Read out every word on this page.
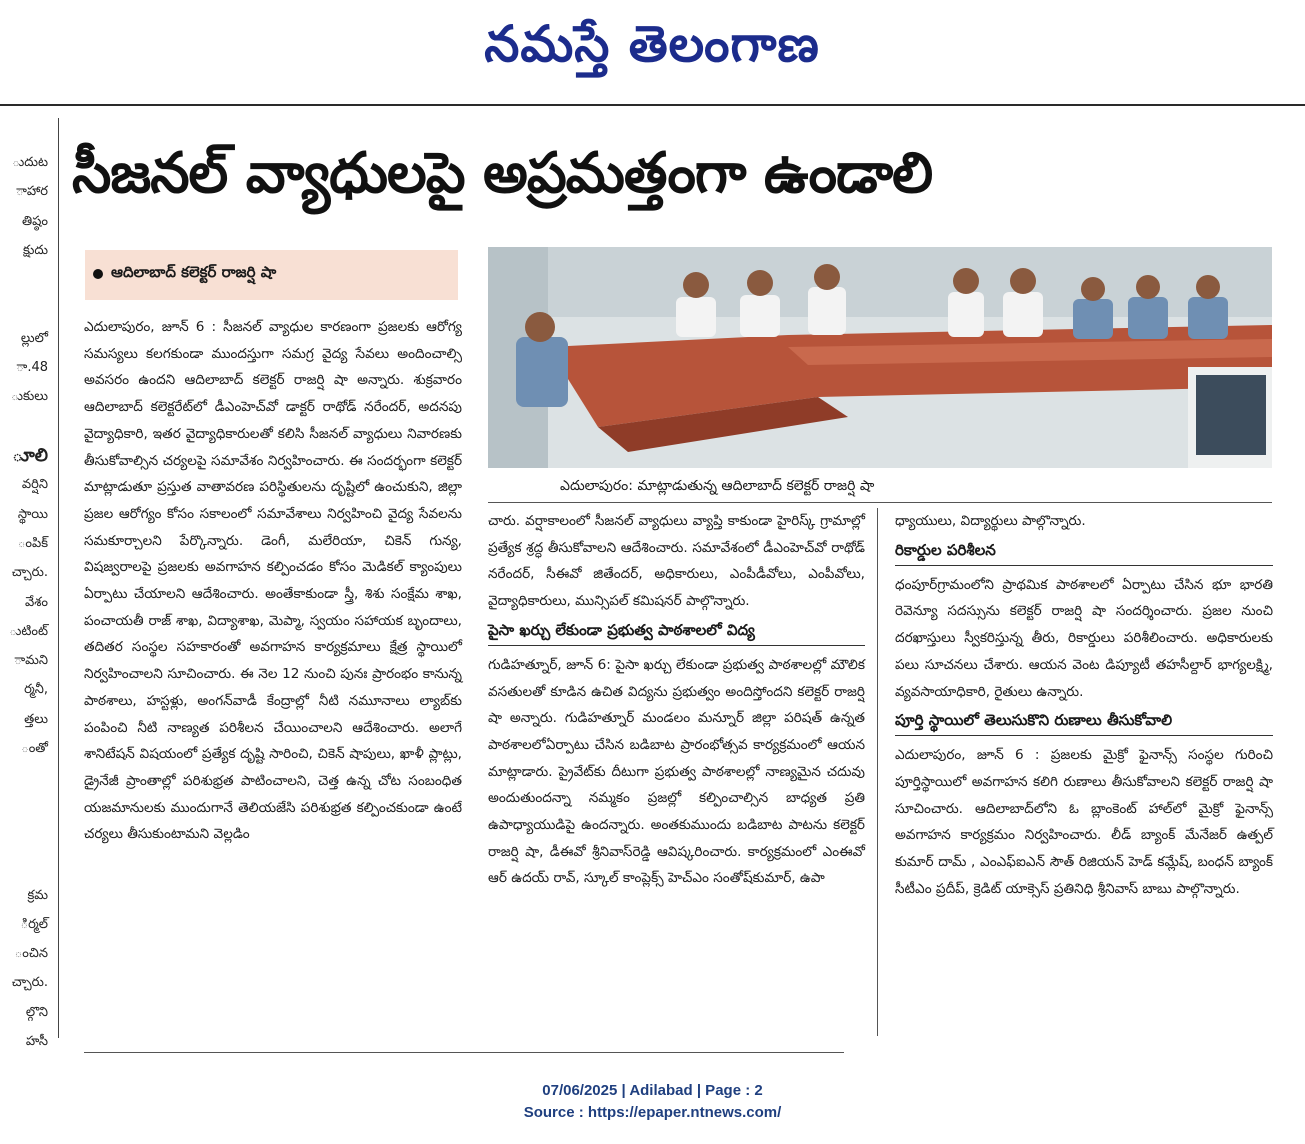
నమస్తే తెలంగాణ
ుదుట
ాహార
తిష్ఠం
క్షుదు
ల్లులో
ా.48
ుకులు
ూలి
వర్షిని
స్థాయి
ంపిక్
చ్చారు.
వేశం
ుటింట్
ామని
ర్మనీ,
త్తలు
ంతో
క్రమ
ిర్మల్
ంచిన
చ్చారు.
ల్గొని
హసీ
సీజనల్ వ్యాధులపై అప్రమత్తంగా ఉండాలి
ఆదిలాబాద్ కలెక్టర్ రాజర్షి షా

ఎదులాపురం, జూన్ 6 : సీజనల్ వ్యాధుల కారణంగా ప్రజలకు ఆరోగ్య సమస్యలు కలగకుండా ముందస్తుగా సమగ్ర వైద్య సేవలు అందించాల్సి అవసరం ఉందని ఆదిలాబాద్ కలెక్టర్ రాజర్షి షా అన్నారు. శుక్రవారం ఆదిలాబాద్ కలెక్టరేట్‌లో డీఎంహెచ్‌వో డాక్టర్ రాథోడ్ నరేందర్, అదనపు వైద్యాధికారి, ఇతర వైద్యాధికారులతో కలిసి సీజనల్ వ్యాధులు నివారణకు తీసుకోవాల్సిన చర్యలపై సమావేశం నిర్వహించారు. ఈ సందర్భంగా కలెక్టర్ మాట్లాడుతూ ప్రస్తుత వాతావరణ పరిస్థితులను దృష్టిలో ఉంచుకుని, జిల్లా ప్రజల ఆరోగ్యం కోసం సకాలంలో సమావేశాలు నిర్వహించి వైద్య సేవలను సమకూర్చాలని పేర్కొన్నారు. డెంగీ, మలేరియా, చికెన్ గున్య, విషజ్వరాలపై ప్రజలకు అవగాహన కల్పించడం కోసం మెడికల్ క్యాంపులు ఏర్పాటు చేయాలని ఆదేశించారు. అంతేకాకుండా స్త్రీ, శిశు సంక్షేమ శాఖ, పంచాయతీ రాజ్ శాఖ, విద్యాశాఖ, మెప్మా, స్వయం సహాయక బృందాలు, తదితర సంస్థల సహకారంతో అవగాహన కార్యక్రమాలు క్షేత్ర స్థాయిలో నిర్వహించాలని సూచించారు. ఈ నెల 12 నుంచి పునః ప్రారంభం కానున్న పాఠశాలు, హస్టళ్లు, అంగన్‌వాడీ కేంద్రాల్లో నీటి నమూనాలు ల్యాబ్‌కు పంపించి నీటి నాణ్యత పరిశీలన చేయించాలని ఆదేశించారు. అలాగే శానిటేషన్ విషయంలో ప్రత్యేక దృష్టి సారించి, చికెన్ షాపులు, ఖాళీ ప్లాట్లు, డ్రైనేజీ ప్రాంతాల్లో పరిశుభ్రత పాటించాలని, చెత్త ఉన్న చోట సంబంధిత యజమానులకు ముందుగానే తెలియజేసి పరిశుభ్రత కల్పించకుండా ఉంటే చర్యలు తీసుకుంటామని వెల్లడిం

ఎదులాపురం: మాట్లాడుతున్న ఆదిలాబాద్ కలెక్టర్ రాజర్షి షా

చారు. వర్షాకాలంలో సీజనల్ వ్యాధులు వ్యాప్తి కాకుండా హైరిస్క్ గ్రామాల్లో ప్రత్యేక శ్రద్ధ తీసుకోవాలని ఆదేశించారు. సమావేశంలో డీఎంహెచ్‌వో రాథోడ్ నరేందర్, సీఈవో జితేందర్, అధికారులు, ఎంపీడీవోలు, ఎంపీవోలు, వైద్యాధికారులు, మున్సిపల్ కమిషనర్ పాల్గొన్నారు.

పైసా ఖర్చు లేకుండా ప్రభుత్వ పాఠశాలలో విద్య

గుడిహత్నూర్, జూన్ 6: పైసా ఖర్చు లేకుండా ప్రభుత్వ పాఠశాలల్లో మౌలిక వసతులతో కూడిన ఉచిత విద్యను ప్రభుత్వం అందిస్తోందని కలెక్టర్ రాజర్షి షా అన్నారు. గుడిహత్నూర్ మండలం మన్నూర్ జిల్లా పరిషత్ ఉన్నత పాఠశాలలోఏర్పాటు చేసిన బడిబాట ప్రారంభోత్సవ కార్యక్రమంలో ఆయన మాట్లాడారు. ప్రైవేట్‌కు దీటుగా ప్రభుత్వ పాఠశాలల్లో నాణ్యమైన చదువు అందుతుందన్నా నమ్మకం ప్రజల్లో కల్పించాల్సిన బాధ్యత ప్రతి ఉపాధ్యాయుడిపై ఉందన్నారు. అంతకుముందు బడిబాట పాటను కలెక్టర్ రాజర్షి షా, డీఈవో శ్రీనివాస్‌రెడ్డి ఆవిష్కరించారు. కార్యక్రమంలో ఎంఈవో ఆర్ ఉదయ్ రావ్, స్కూల్ కాంప్లెక్స్ హెచ్ఎం సంతోష్‌కుమార్, ఉపా

ధ్యాయులు, విద్యార్థులు పాల్గొన్నారు.

రికార్డుల పరిశీలన

ధంపూర్‌గ్రామంలోని ప్రాథమిక పాఠశాలలో ఏర్పాటు చేసిన భూ భారతి రెవెన్యూ సదస్సును కలెక్టర్ రాజర్షి షా సందర్శించారు. ప్రజల నుంచి దరఖాస్తులు స్వీకరిస్తున్న తీరు, రికార్డులు పరిశీలించారు. అధికారులకు పలు సూచనలు చేశారు. ఆయన వెంట డిప్యూటీ తహసీల్దార్ భాగ్యలక్ష్మి, వ్యవసాయాధికారి, రైతులు ఉన్నారు.

పూర్తి స్థాయిలో తెలుసుకొని రుణాలు తీసుకోవాలి

ఎదులాపురం, జూన్ 6 : ప్రజలకు మైక్రో ఫైనాన్స్ సంస్థల గురించి పూర్తిస్థాయిలో అవగాహన కలిగి రుణాలు తీసుకోవాలని కలెక్టర్ రాజర్షి షా సూచించారు. ఆదిలాబాద్‌లోని ఓ బ్లాంకెంట్ హాల్‌లో మైక్రో ఫైనాన్స్ అవగాహన కార్యక్రమం నిర్వహించారు. లీడ్ బ్యాంక్ మేనేజర్ ఉత్పల్ కుమార్ దామ్ , ఎంఎఫ్ఐఎన్ సౌత్ రిజియన్ హెడ్ కమ్లేష్, బంధన్ బ్యాంక్ సీటీఎం ప్రదీప్, క్రెడిట్ యాక్సెస్ ప్రతినిధి శ్రీనివాస్ బాబు పాల్గొన్నారు.

07/06/2025 | Adilabad | Page : 2
Source : https://epaper.ntnews.com/
